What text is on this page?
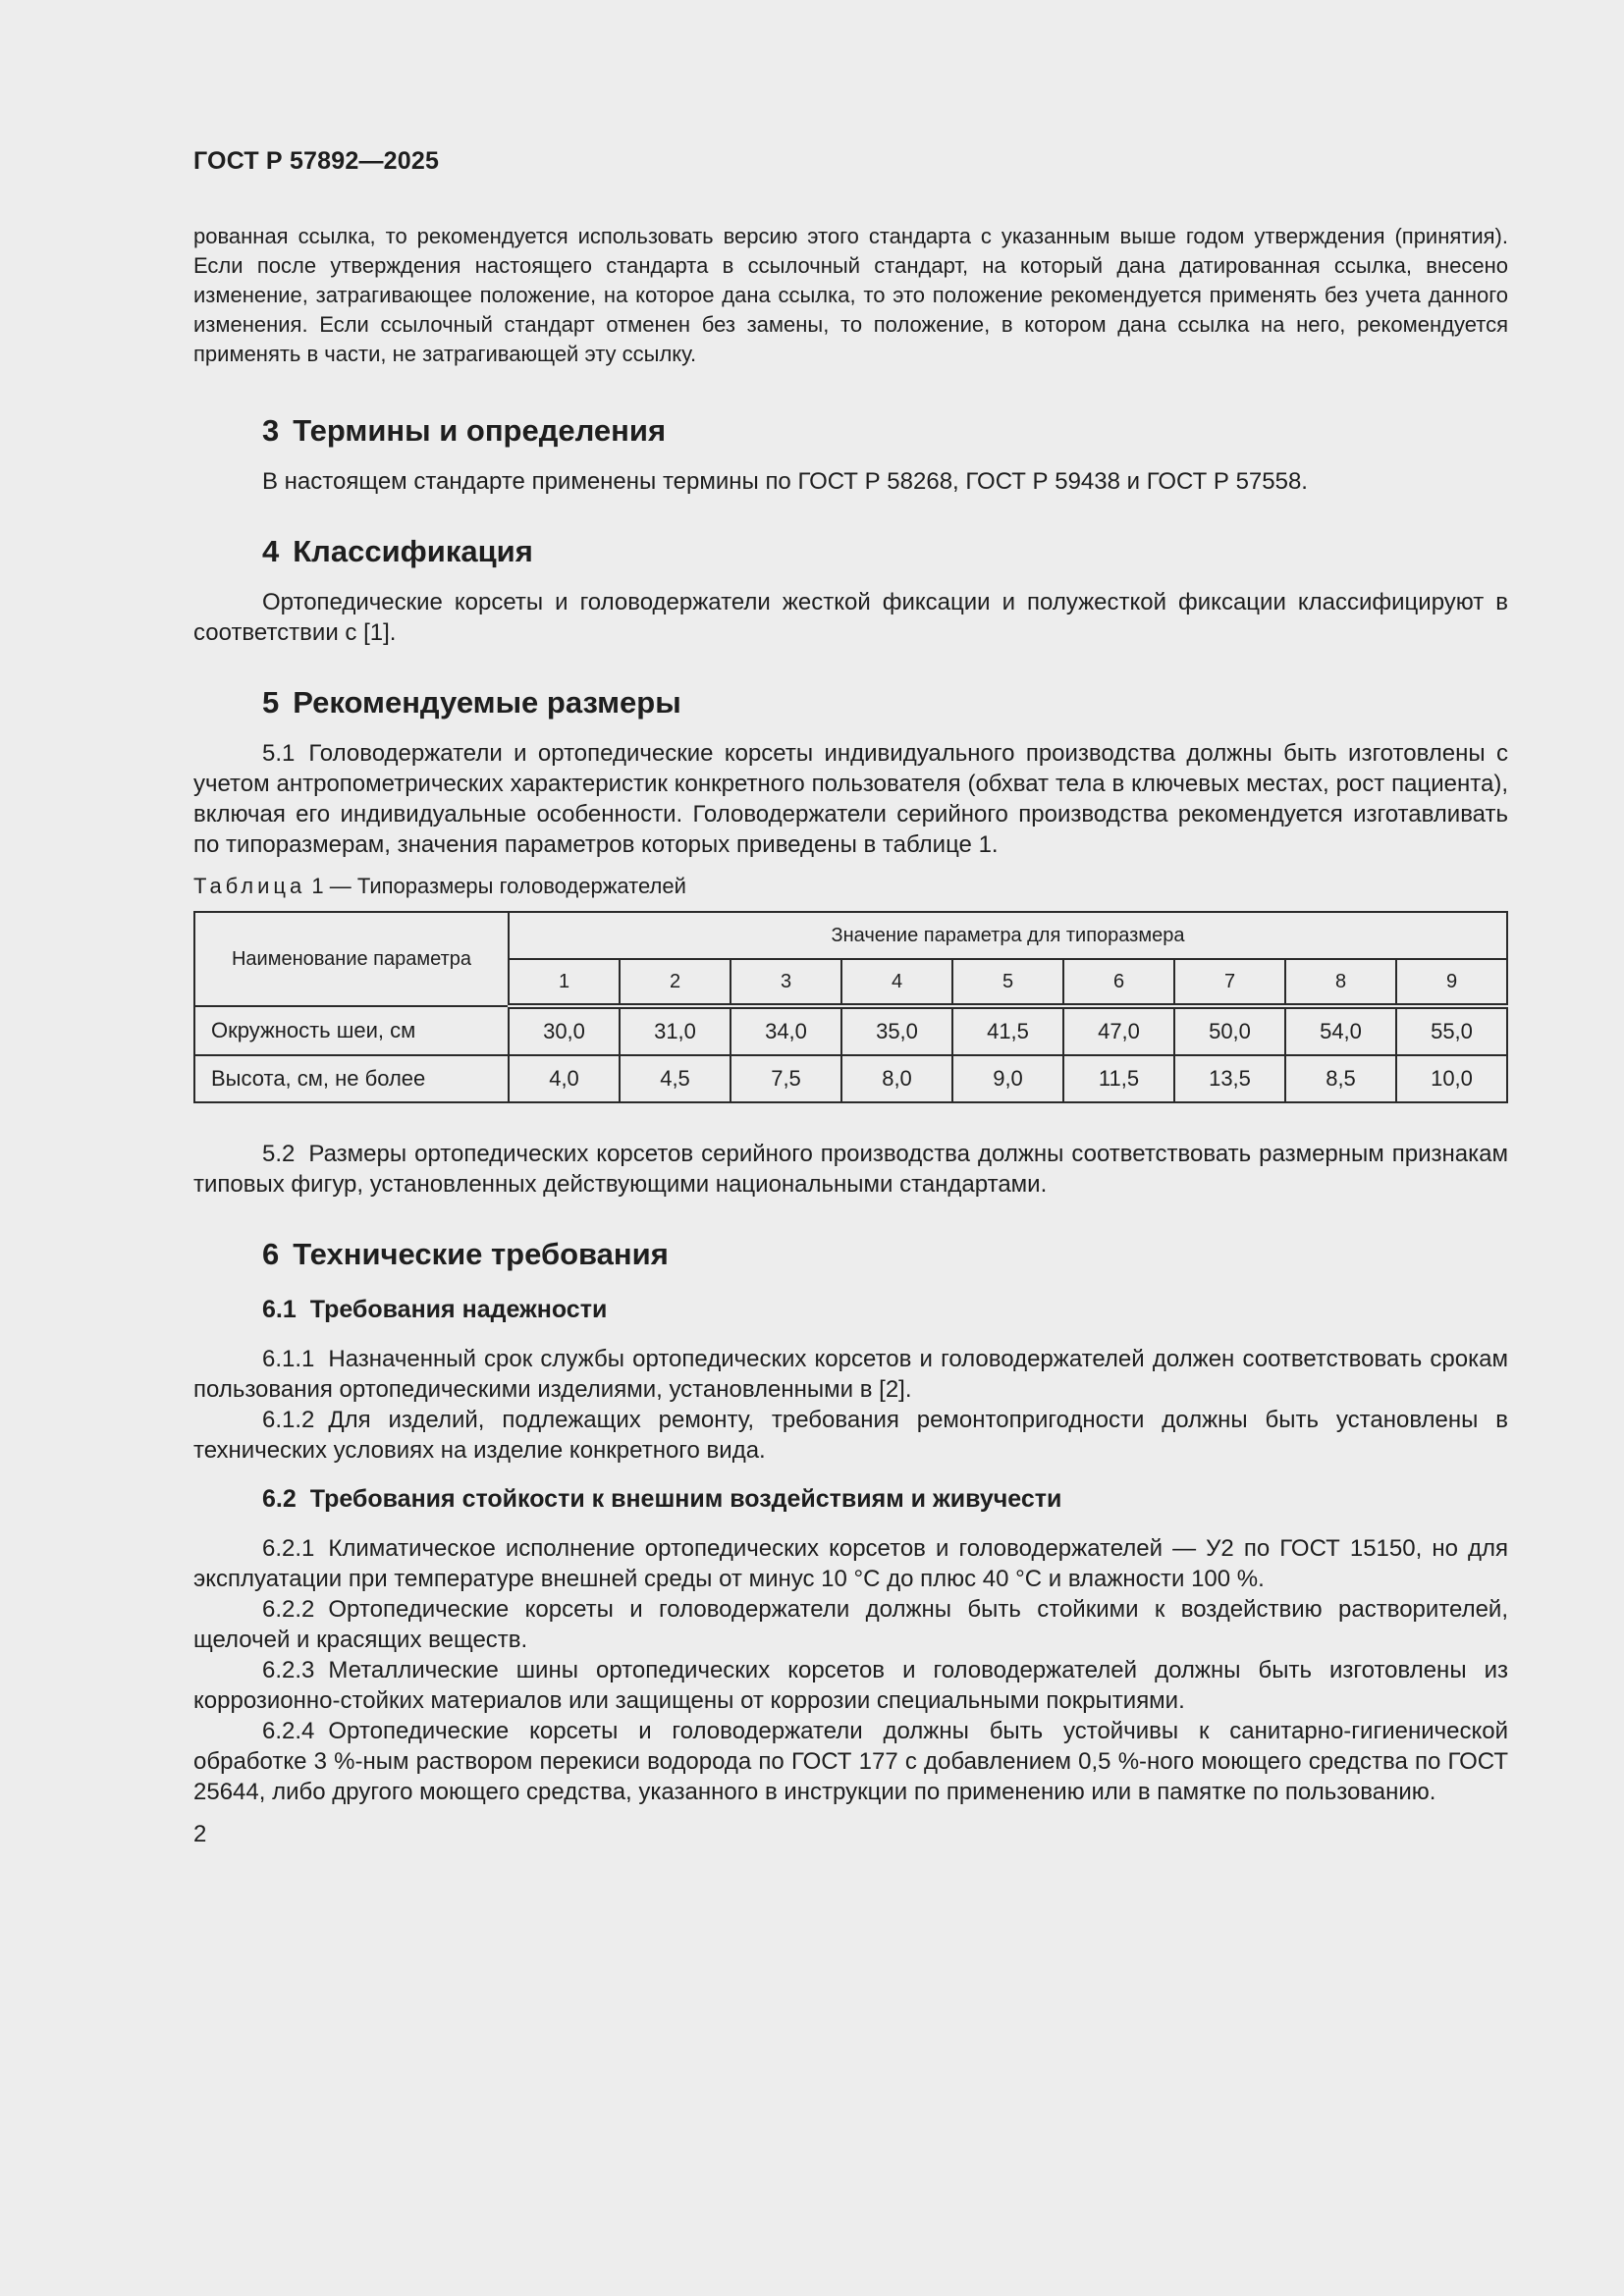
ГОСТ Р 57892—2025

рованная ссылка, то рекомендуется использовать версию этого стандарта с указанным выше годом утверждения (принятия). Если после утверждения настоящего стандарта в ссылочный стандарт, на который дана датированная ссылка, внесено изменение, затрагивающее положение, на которое дана ссылка, то это положение рекомендуется применять без учета данного изменения. Если ссылочный стандарт отменен без замены, то положение, в котором дана ссылка на него, рекомендуется применять в части, не затрагивающей эту ссылку.

3 Термины и определения

В настоящем стандарте применены термины по ГОСТ Р 58268, ГОСТ Р 59438 и ГОСТ Р 57558.

4 Классификация

Ортопедические корсеты и головодержатели жесткой фиксации и полужесткой фиксации классифицируют в соответствии с [1].

5 Рекомендуемые размеры

5.1 Головодержатели и ортопедические корсеты индивидуального производства должны быть изготовлены с учетом антропометрических характеристик конкретного пользователя (обхват тела в ключевых местах, рост пациента), включая его индивидуальные особенности. Головодержатели серийного производства рекомендуется изготавливать по типоразмерам, значения параметров которых приведены в таблице 1.

Таблица 1 — Типоразмеры головодержателей

Наименование параметра	Значение параметра для типоразмера								
	1	2	3	4	5	6	7	8	9
Окружность шеи, см	30,0	31,0	34,0	35,0	41,5	47,0	50,0	54,0	55,0
Высота, см, не более	4,0	4,5	7,5	8,0	9,0	11,5	13,5	8,5	10,0

5.2 Размеры ортопедических корсетов серийного производства должны соответствовать размерным признакам типовых фигур, установленных действующими национальными стандартами.

6 Технические требования
6.1 Требования надежности

6.1.1 Назначенный срок службы ортопедических корсетов и головодержателей должен соответствовать срокам пользования ортопедическими изделиями, установленными в [2].

6.1.2 Для изделий, подлежащих ремонту, требования ремонтопригодности должны быть установлены в технических условиях на изделие конкретного вида.

6.2 Требования стойкости к внешним воздействиям и живучести

6.2.1 Климатическое исполнение ортопедических корсетов и головодержателей — У2 по ГОСТ 15150, но для эксплуатации при температуре внешней среды от минус 10 °С до плюс 40 °С и влажности 100 %.

6.2.2 Ортопедические корсеты и головодержатели должны быть стойкими к воздействию растворителей, щелочей и красящих веществ.

6.2.3 Металлические шины ортопедических корсетов и головодержателей должны быть изготовлены из коррозионно-стойких материалов или защищены от коррозии специальными покрытиями.

6.2.4 Ортопедические корсеты и головодержатели должны быть устойчивы к санитарно-гигиенической обработке 3 %-ным раствором перекиси водорода по ГОСТ 177 с добавлением 0,5 %-ного моющего средства по ГОСТ 25644, либо другого моющего средства, указанного в инструкции по применению или в памятке по пользованию.

2
